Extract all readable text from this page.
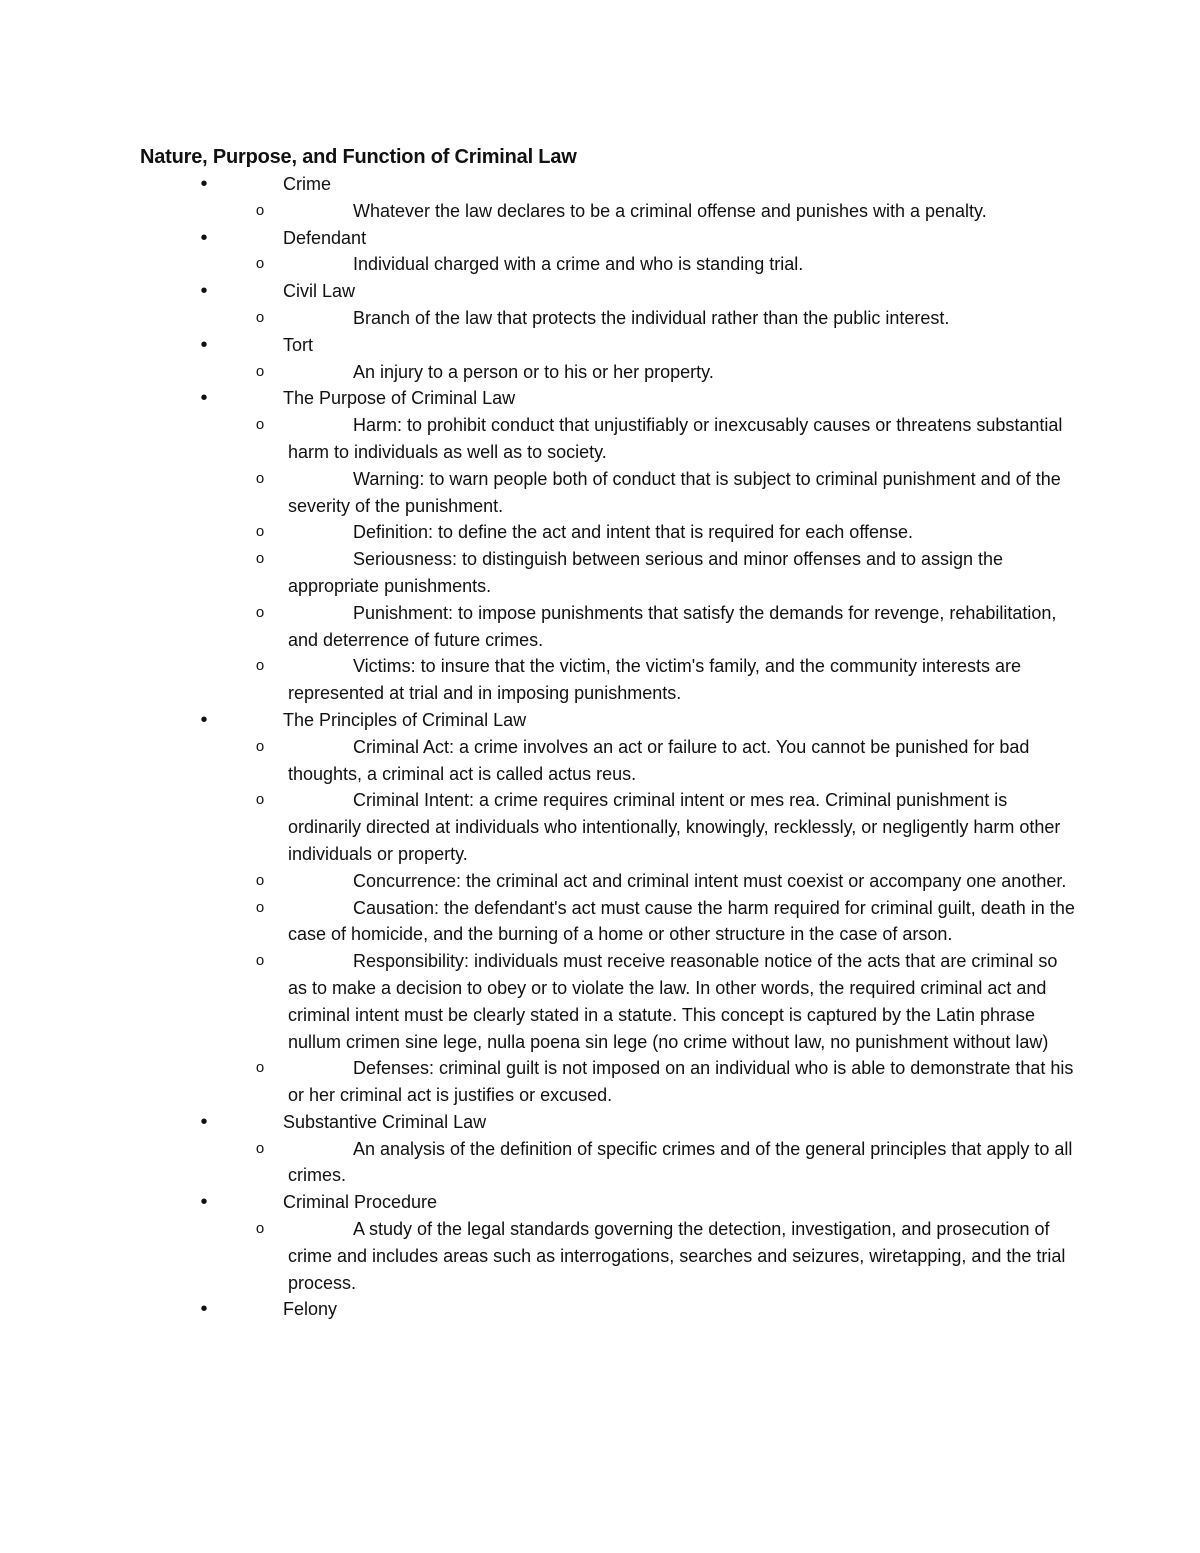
Nature, Purpose, and Function of Criminal Law
•	Crime
o	Whatever the law declares to be a criminal offense and punishes with a penalty.
•	Defendant
o	Individual charged with a crime and who is standing trial.
•	Civil Law
o	Branch of the law that protects the individual rather than the public interest.
•	Tort
o	An injury to a person or to his or her property.
•	The Purpose of Criminal Law
o	Harm: to prohibit conduct that unjustifiably or inexcusably causes or threatens substantial harm to individuals as well as to society.
o	Warning: to warn people both of conduct that is subject to criminal punishment and of the severity of the punishment.
o	Definition: to define the act and intent that is required for each offense.
o	Seriousness: to distinguish between serious and minor offenses and to assign the appropriate punishments.
o	Punishment: to impose punishments that satisfy the demands for revenge, rehabilitation, and deterrence of future crimes.
o	Victims: to insure that the victim, the victim's family, and the community interests are represented at trial and in imposing punishments.
•	The Principles of Criminal Law
o	Criminal Act: a crime involves an act or failure to act. You cannot be punished for bad thoughts, a criminal act is called actus reus.
o	Criminal Intent: a crime requires criminal intent or mes rea. Criminal punishment is ordinarily directed at individuals who intentionally, knowingly, recklessly, or negligently harm other individuals or property.
o	Concurrence: the criminal act and criminal intent must coexist or accompany one another.
o	Causation: the defendant's act must cause the harm required for criminal guilt, death in the case of homicide, and the burning of a home or other structure in the case of arson.
o	Responsibility: individuals must receive reasonable notice of the acts that are criminal so as to make a decision to obey or to violate the law. In other words, the required criminal act and criminal intent must be clearly stated in a statute. This concept is captured by the Latin phrase nullum crimen sine lege, nulla poena sin lege (no crime without law, no punishment without law)
o	Defenses: criminal guilt is not imposed on an individual who is able to demonstrate that his or her criminal act is justifies or excused.
•	Substantive Criminal Law
o	An analysis of the definition of specific crimes and of the general principles that apply to all crimes.
•	Criminal Procedure
o	A study of the legal standards governing the detection, investigation, and prosecution of crime and includes areas such as interrogations, searches and seizures, wiretapping, and the trial process.
•	Felony
